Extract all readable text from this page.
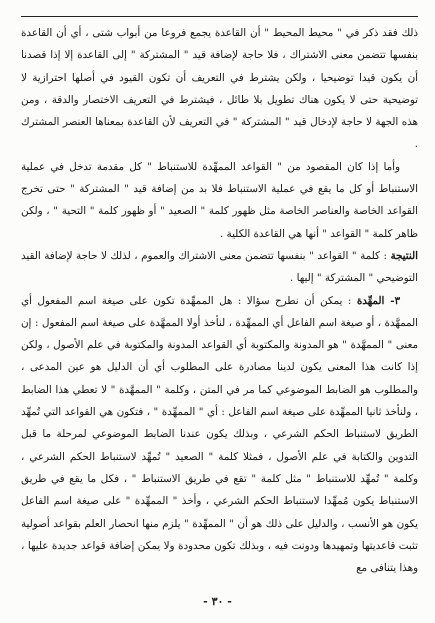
ذلك فقد ذكر في " محيط المحيط " أن القاعدة يجمع فروعا من أبواب شتى ، أي أن القاعدة بنفسها تتضمن معنى الاشتراك ، فلا حاجة لإضافة قيد " المشتركة " إلى القاعدة إلا إذا قصدنا أن يكون قيدا توضيحيا ، ولكن يشترط في التعريف أن تكون القيود في أصلها احترازية لا توضيحية حتى لا يكون هناك تطويل بلا طائل ، فيشترط في التعريف الاختصار والدقة ، ومن هذه الجهة لا حاجة لإدخال قيد " المشتركة " في التعريف لأن القاعدة بمعناها العنصر المشترك .

وأما إذا كان المقصود من " القواعد الممهِّدة للاستنباط " كل مقدمة تدخل في عملية الاستنباط أو كل ما يقع في عملية الاستنباط فلا بد من إضافة قيد " المشتركة " حتى تخرج القواعد الخاصة والعناصر الخاصة مثل ظهور كلمة " الصعيد " أو ظهور كلمة " التحية " ، ولكن ظاهر كلمة " القواعد " أنها هي القاعدة الكلية .

النتيجة : كلمة " القواعد " بنفسها تتضمن معنى الاشتراك والعموم ، لذلك لا حاجة لإضافة القيد التوضيحي " المشتركة " إليها .

٣- المهِّدة : يمكن أن نطرح سؤالا : هل الممهِّدة تكون على صيغة اسم المفعول أي الممهَّدة ، أو صيغة اسم الفاعل أي الممهِّدة ، لنأخذ أولا الممهَّدة على صيغة اسم المفعول : إن معنى " الممهَّدة " هو المدونة والمكتوبة أي القواعد المدونة والمكتوبة في علم الأصول ، ولكن إذا كانت هذا المعنى يكون لدينا مصادرة على المطلوب أي أن الدليل هو عين المدعى ، والمطلوب هو الضابط الموضوعي كما مر في المتن ، وكلمة " الممهَّدة " لا تعطي هذا الضابط ، ولنأخذ ثانيا الممهِّدة على صيغة اسم الفاعل : أي " الممهِّدة " ، فتكون هي القواعد التي تُمهِّد الطريق لاستنباط الحكم الشرعي ، وبذلك يكون عندنا الضابط الموضوعي لمرحلة ما قبل التدوين والكتابة في علم الأصول ، فمثلا كلمة " الصعيد " تُمهِّد لاستنباط الحكم الشرعي ، وكلمة " تُمهِّد للاستنباط " مثل كلمة " تقع في طريق الاستنباط " ، فكل ما يقع في طريق الاستنباط يكون مُمهِّدا لاستنباط الحكم الشرعي ، وأخذ " الممهِّدة " على صيغة اسم الفاعل يكون هو الأنسب ، والدليل على ذلك هو أن " الممهِّدة " يلزم منها انحصار العلم بقواعد أصولية تثبت قاعديتها وتمهيدها ودونت فيه ، وبذلك تكون محدودة ولا يمكن إضافة قواعد جديدة عليها ، وهذا يتنافى مع

- ٣٠ -
